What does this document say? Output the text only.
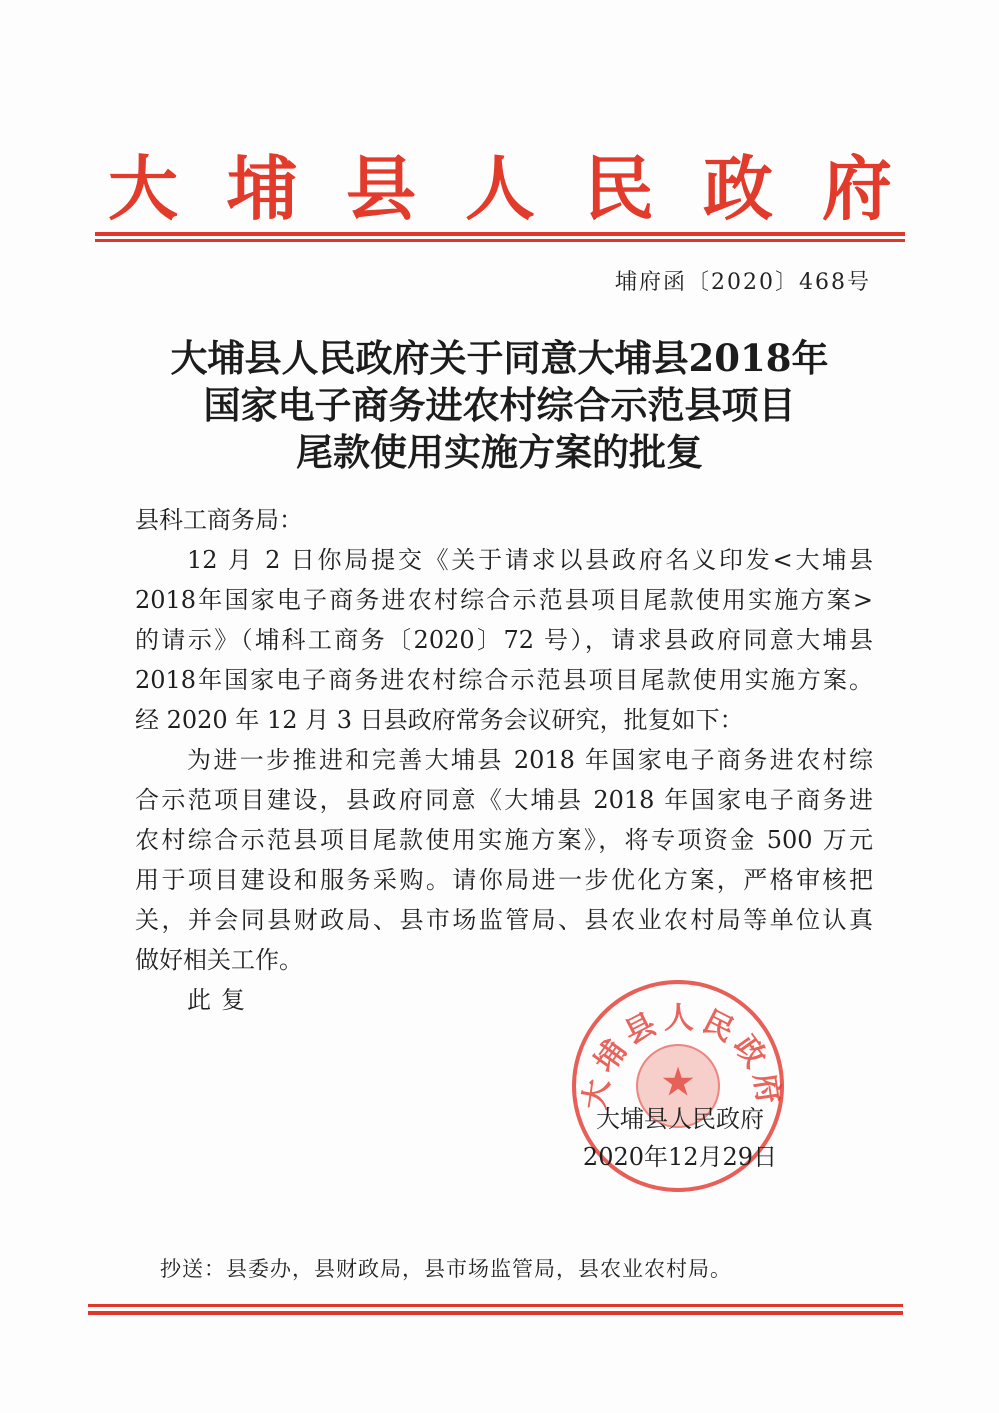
大 埔 县 人 民 政 府
埔府函〔2020〕468号
大埔县人民政府关于同意大埔县2018年
国家电子商务进农村综合示范县项目
尾款使用实施方案的批复
县科工商务局：
12 月 2 日你局提交《关于请求以县政府名义印发<大埔县
2018年国家电子商务进农村综合示范县项目尾款使用实施方案>
的请示》（埔科工商务〔2020〕72 号），请求县政府同意大埔县
2018年国家电子商务进农村综合示范县项目尾款使用实施方案。
经 2020 年 12 月 3 日县政府常务会议研究，批复如下：
为进一步推进和完善大埔县 2018 年国家电子商务进农村综
合示范项目建设，县政府同意《大埔县 2018 年国家电子商务进
农村综合示范县项目尾款使用实施方案》，将专项资金 500 万元
用于项目建设和服务采购。请你局进一步优化方案，严格审核把
关，并会同县财政局、县市场监管局、县农业农村局等单位认真
做好相关工作。
此复
大埔县人民政府
★
大埔县人民政府
2020年12月29日
抄送：县委办，县财政局，县市场监管局，县农业农村局。
